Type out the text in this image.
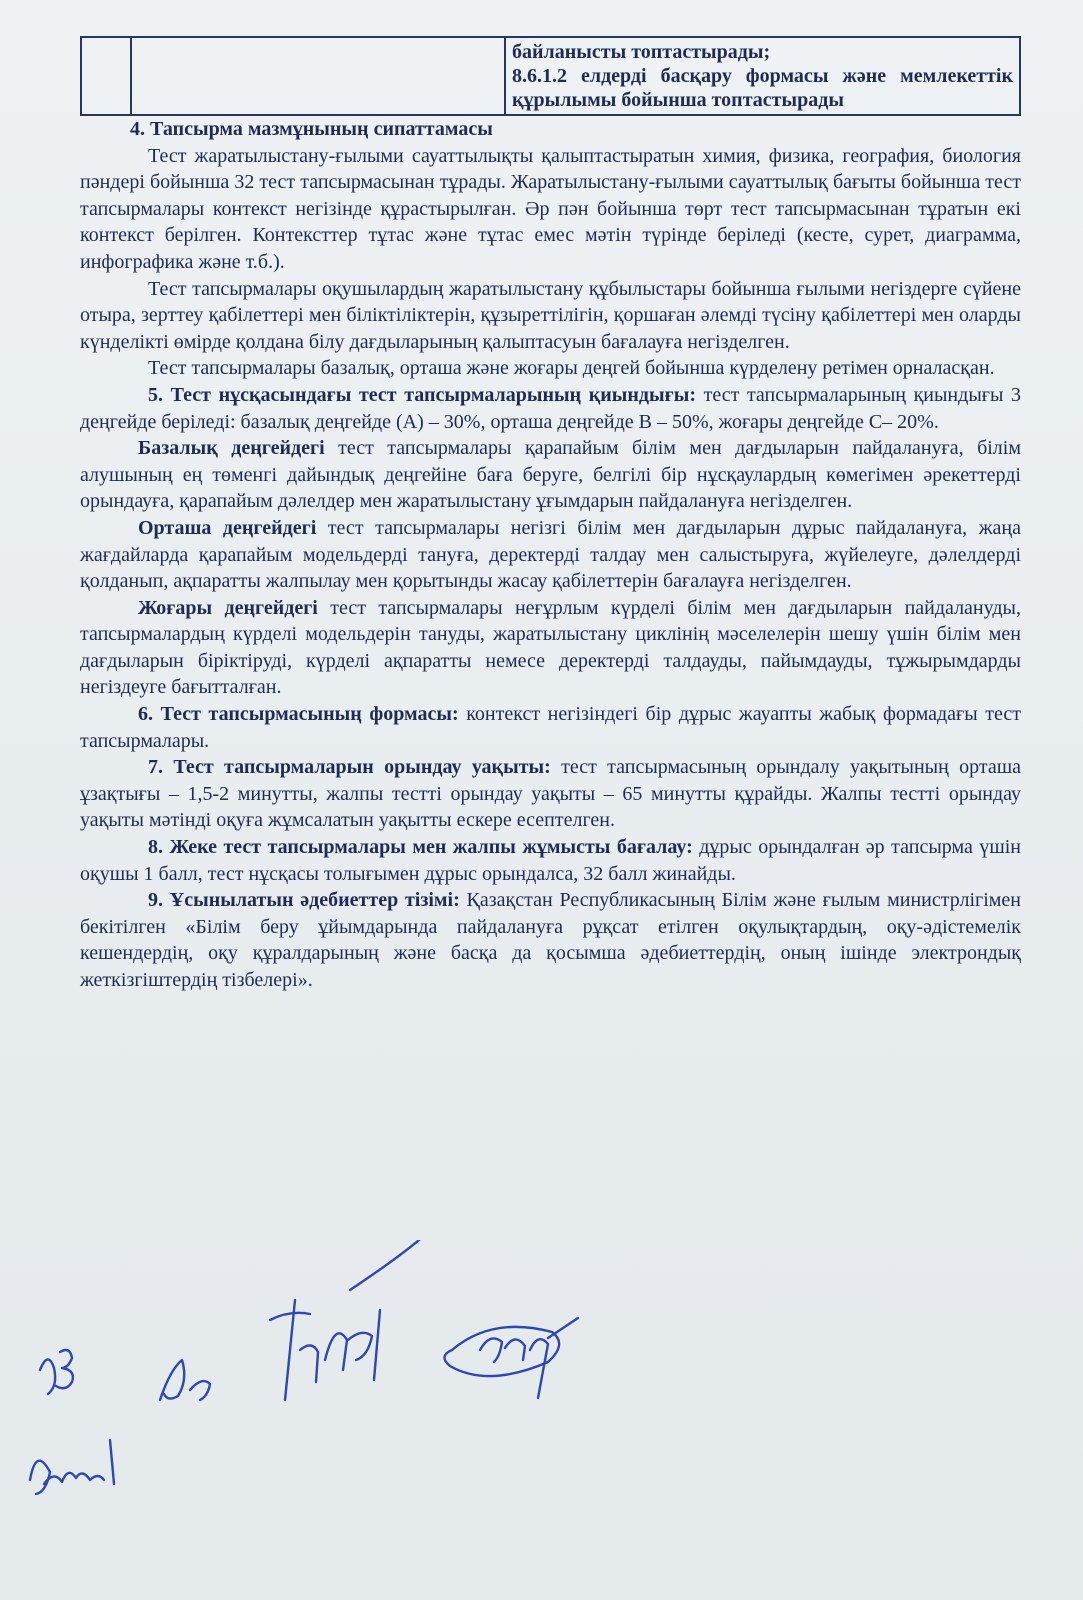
байланысты топтастырады;
8.6.1.2 елдерді басқару формасы және мемлекеттік құрылымы бойынша топтастырады

4. Тапсырма мазмұнының сипаттамасы

Тест жаратылыстану-ғылыми сауаттылықты қалыптастыратын химия, физика, география, биология пәндері бойынша 32 тест тапсырмасынан тұрады. Жаратылыстану-ғылыми сауаттылық бағыты бойынша тест тапсырмалары контекст негізінде құрастырылған. Әр пән бойынша төрт тест тапсырмасынан тұратын екі контекст берілген. Контексттер тұтас және тұтас емес мәтін түрінде беріледі (кесте, сурет, диаграмма, инфографика және т.б.).

Тест тапсырмалары оқушылардың жаратылыстану құбылыстары бойынша ғылыми негіздерге сүйене отыра, зерттеу қабілеттері мен біліктіліктерін, құзыреттілігін, қоршаған әлемді түсіну қабілеттері мен оларды күнделікті өмірде қолдана білу дағдыларының қалыптасуын бағалауға негізделген.

Тест тапсырмалары базалық, орташа және жоғары деңгей бойынша күрделену ретімен орналасқан.

5. Тест нұсқасындағы тест тапсырмаларының қиындығы: тест тапсырмаларының қиындығы 3 деңгейде беріледі: базалық деңгейде (А) – 30%, орташа деңгейде В – 50%, жоғары деңгейде С– 20%.

Базалық деңгейдегі тест тапсырмалары қарапайым білім мен дағдыларын пайдалануға, білім алушының ең төменгі дайындық деңгейіне баға беруге, белгілі бір нұсқаулардың көмегімен әрекеттерді орындауға, қарапайым дәлелдер мен жаратылыстану ұғымдарын пайдалануға негізделген.

Орташа деңгейдегі тест тапсырмалары негізгі білім мен дағдыларын дұрыс пайдалануға, жаңа жағдайларда қарапайым модельдерді тануға, деректерді талдау мен салыстыруға, жүйелеуге, дәлелдерді қолданып, ақпаратты жалпылау мен қорытынды жасау қабілеттерін бағалауға негізделген.

Жоғары деңгейдегі тест тапсырмалары неғұрлым күрделі білім мен дағдыларын пайдалануды, тапсырмалардың күрделі модельдерін тануды, жаратылыстану циклінің мәселелерін шешу үшін білім мен дағдыларын біріктіруді, күрделі ақпаратты немесе деректерді талдауды, пайымдауды, тұжырымдарды негіздеуге бағытталған.

6. Тест тапсырмасының формасы: контекст негізіндегі бір дұрыс жауапты жабық формадағы тест тапсырмалары.

7. Тест тапсырмаларын орындау уақыты: тест тапсырмасының орындалу уақытының орташа ұзақтығы – 1,5-2 минутты, жалпы тестті орындау уақыты – 65 минутты құрайды. Жалпы тестті орындау уақыты мәтінді оқуға жұмсалатын уақытты ескере есептелген.

8. Жеке тест тапсырмалары мен жалпы жұмысты бағалау: дұрыс орындалған әр тапсырма үшін оқушы 1 балл, тест нұсқасы толығымен дұрыс орындалса, 32 балл жинайды.

9. Ұсынылатын әдебиеттер тізімі: Қазақстан Республикасының Білім және ғылым министрлігімен бекітілген «Білім беру ұйымдарында пайдалануға рұқсат етілген оқулықтардың, оқу-әдістемелік кешендердің, оқу құралдарының және басқа да қосымша әдебиеттердің, оның ішінде электрондық жеткізгіштердің тізбелері».
